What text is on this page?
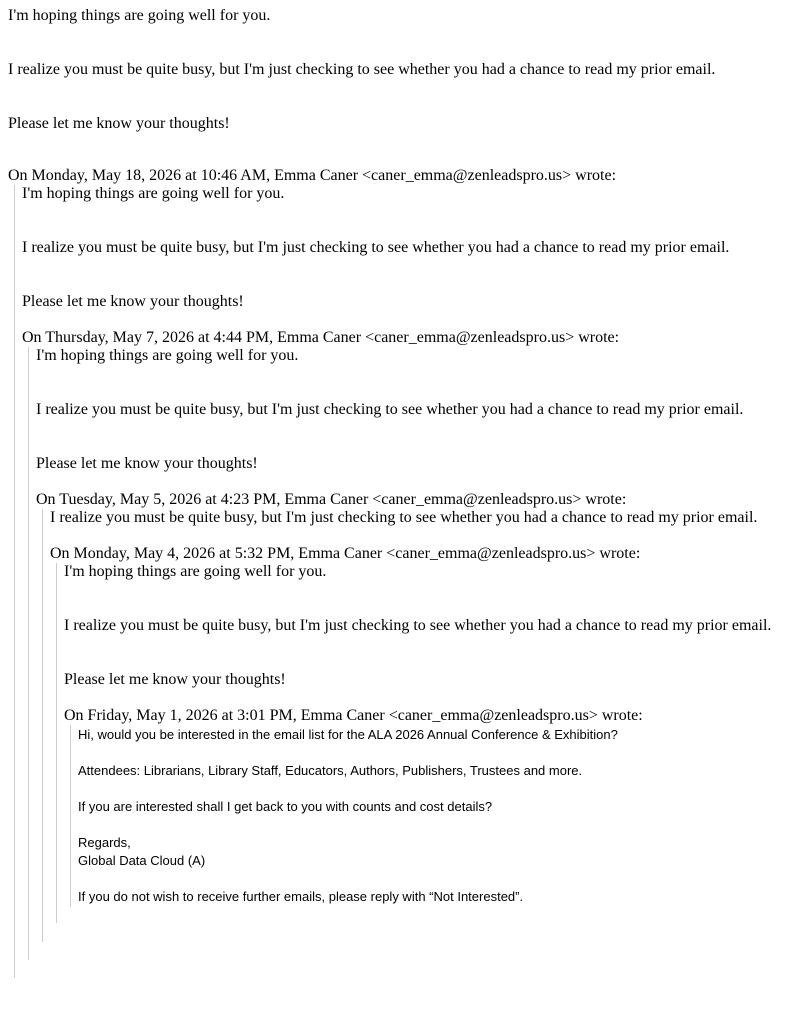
I'm hoping things are going well for you.

I realize you must be quite busy, but I'm just checking to see whether you had a chance to read my prior email.

Please let me know your thoughts!

On Monday, May 18, 2026 at 10:46 AM, Emma Caner <caner_emma@zenleadspro.us> wrote:

I'm hoping things are going well for you.

I realize you must be quite busy, but I'm just checking to see whether you had a chance to read my prior email.

Please let me know your thoughts!

On Thursday, May 7, 2026 at 4:44 PM, Emma Caner <caner_emma@zenleadspro.us> wrote:

I'm hoping things are going well for you.

I realize you must be quite busy, but I'm just checking to see whether you had a chance to read my prior email.

Please let me know your thoughts!

On Tuesday, May 5, 2026 at 4:23 PM, Emma Caner <caner_emma@zenleadspro.us> wrote:

I realize you must be quite busy, but I'm just checking to see whether you had a chance to read my prior email.

On Monday, May 4, 2026 at 5:32 PM, Emma Caner <caner_emma@zenleadspro.us> wrote:

I'm hoping things are going well for you.

I realize you must be quite busy, but I'm just checking to see whether you had a chance to read my prior email.

Please let me know your thoughts!

On Friday, May 1, 2026 at 3:01 PM, Emma Caner <caner_emma@zenleadspro.us> wrote:

Hi, would you be interested in the email list for the ALA 2026 Annual Conference & Exhibition?

Attendees: Librarians, Library Staff, Educators, Authors, Publishers, Trustees and more.

If you are interested shall I get back to you with counts and cost details?

Regards,

Global Data Cloud (A)

If you do not wish to receive further emails, please reply with “Not Interested”.
